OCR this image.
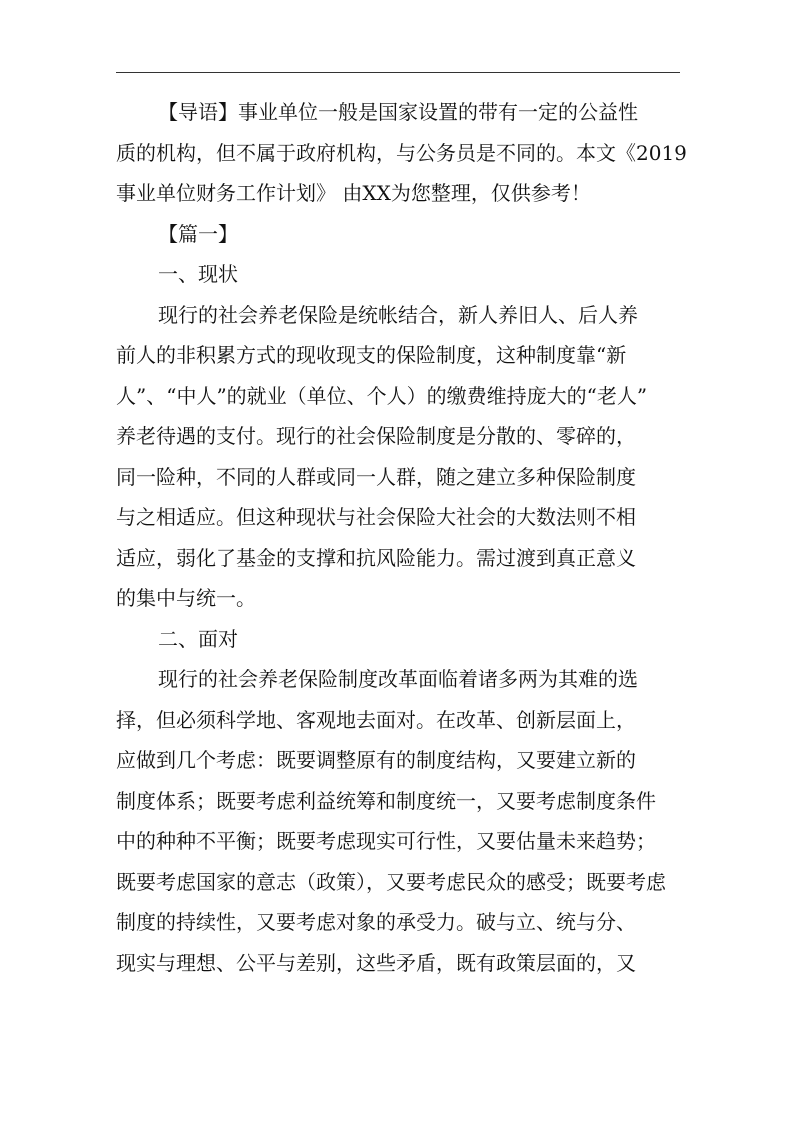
【导语】事业单位一般是国家设置的带有一定的公益性
质的机构，但不属于政府机构，与公务员是不同的。本文《2019
事业单位财务工作计划》 由XX为您整理，仅供参考！
【篇一】
一、现状
现行的社会养老保险是统帐结合，新人养旧人、后人养
前人的非积累方式的现收现支的保险制度，这种制度靠“新
人”、“中人”的就业（单位、个人）的缴费维持庞大的“老人”
养老待遇的支付。现行的社会保险制度是分散的、零碎的，
同一险种，不同的人群或同一人群，随之建立多种保险制度
与之相适应。但这种现状与社会保险大社会的大数法则不相
适应，弱化了基金的支撑和抗风险能力。需过渡到真正意义
的集中与统一。
二、面对
现行的社会养老保险制度改革面临着诸多两为其难的选
择，但必须科学地、客观地去面对。在改革、创新层面上，
应做到几个考虑：既要调整原有的制度结构，又要建立新的
制度体系；既要考虑利益统筹和制度统一，又要考虑制度条件
中的种种不平衡；既要考虑现实可行性，又要估量未来趋势；
既要考虑国家的意志（政策），又要考虑民众的感受；既要考虑
制度的持续性，又要考虑对象的承受力。破与立、统与分、
现实与理想、公平与差别，这些矛盾，既有政策层面的，又
